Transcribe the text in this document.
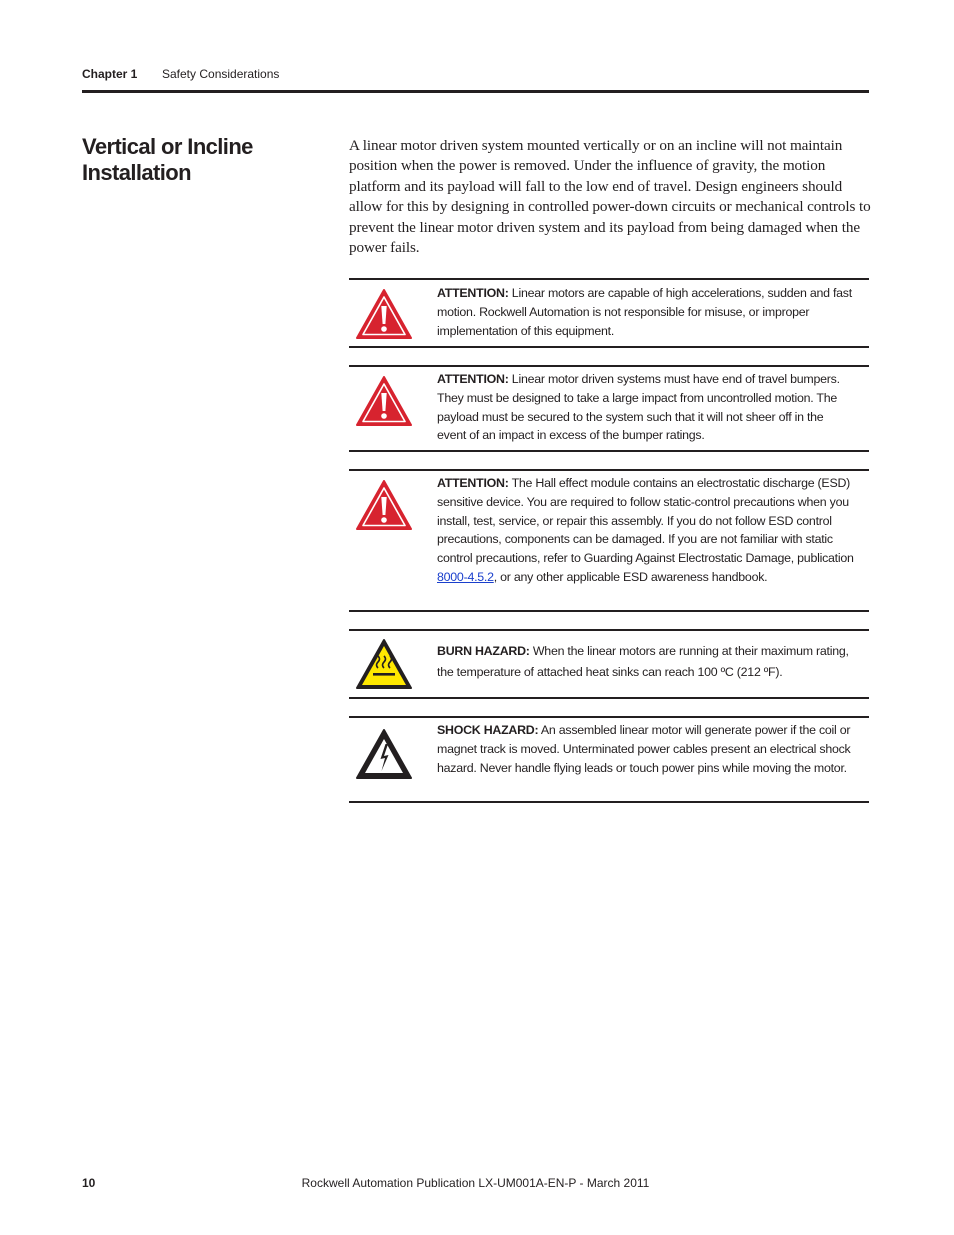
Chapter 1 Safety Considerations
Vertical or Incline Installation

A linear motor driven system mounted vertically or on an incline will not maintain position when the power is removed. Under the influence of gravity, the motion platform and its payload will fall to the low end of travel. Design engineers should allow for this by designing in controlled power-down circuits or mechanical controls to prevent the linear motor driven system and its payload from being damaged when the power fails.

ATTENTION: Linear motors are capable of high accelerations, sudden and fast motion. Rockwell Automation is not responsible for misuse, or improper implementation of this equipment.
ATTENTION: Linear motor driven systems must have end of travel bumpers. They must be designed to take a large impact from uncontrolled motion. The payload must be secured to the system such that it will not sheer off in the event of an impact in excess of the bumper ratings.
ATTENTION: The Hall effect module contains an electrostatic discharge (ESD) sensitive device. You are required to follow static-control precautions when you install, test, service, or repair this assembly. If you do not follow ESD control precautions, components can be damaged. If you are not familiar with static control precautions, refer to Guarding Against Electrostatic Damage, publication 8000-4.5.2, or any other applicable ESD awareness handbook.
BURN HAZARD: When the linear motors are running at their maximum rating, the temperature of attached heat sinks can reach 100 ºC (212 ºF).
SHOCK HAZARD: An assembled linear motor will generate power if the coil or magnet track is moved. Unterminated power cables present an electrical shock hazard. Never handle flying leads or touch power pins while moving the motor.
10	Rockwell Automation Publication LX-UM001A-EN-P - March 2011
